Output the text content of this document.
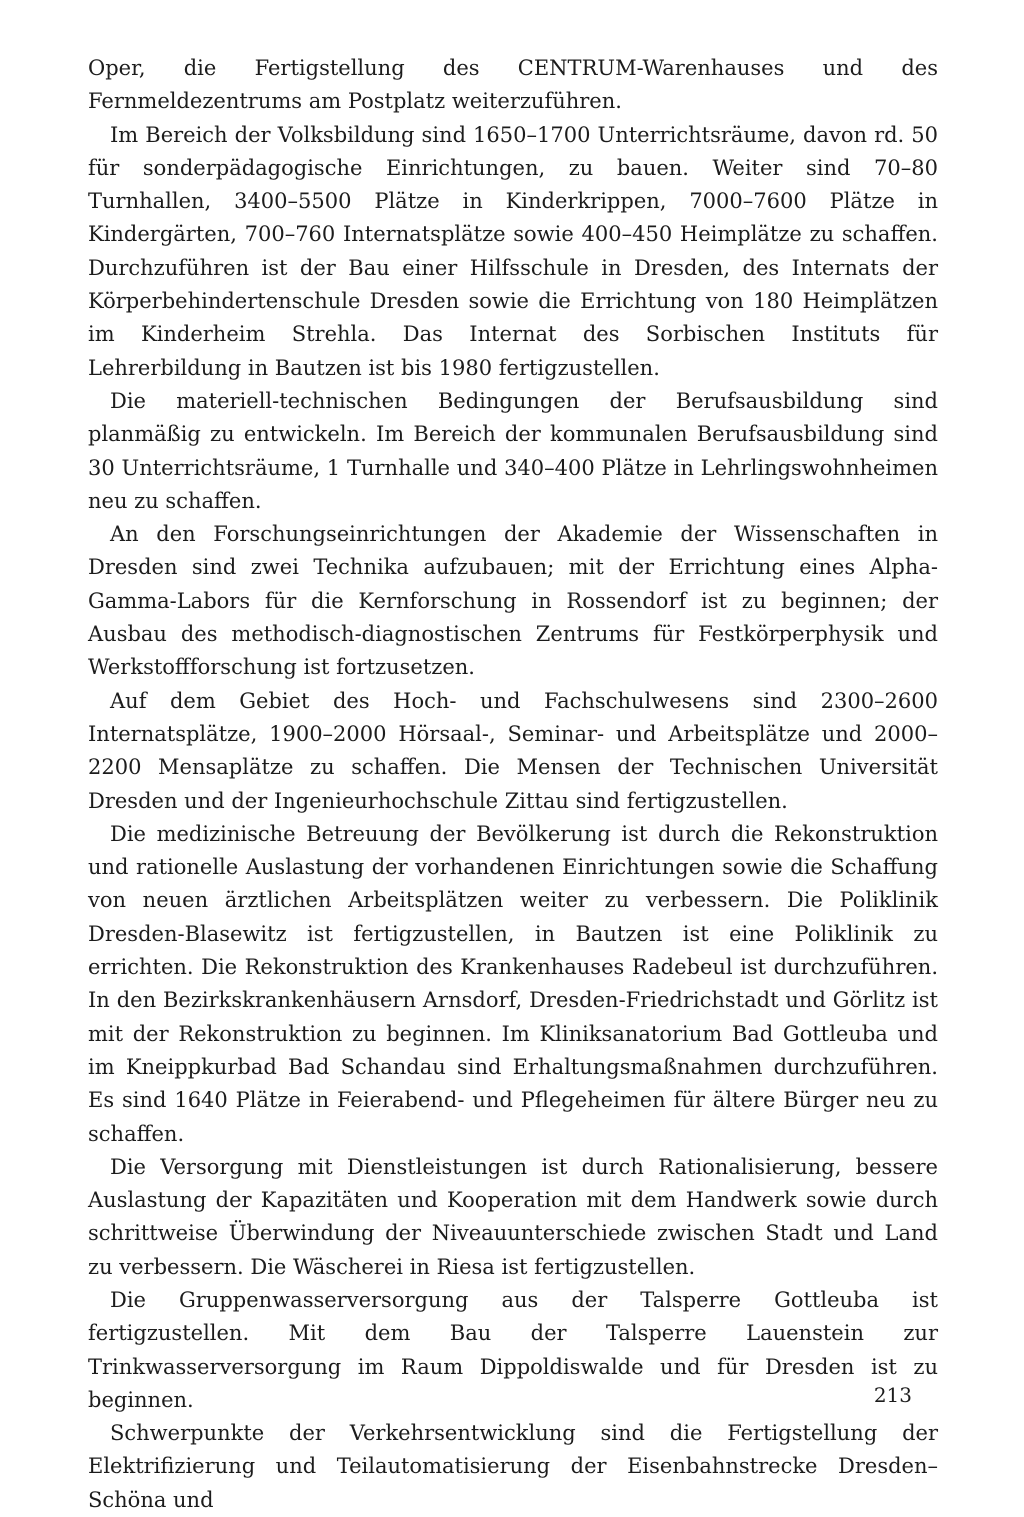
Oper, die Fertigstellung des CENTRUM-Warenhauses und des Fernmeldezentrums am Postplatz weiterzuführen.

Im Bereich der Volksbildung sind 1650–1700 Unterrichtsräume, davon rd. 50 für sonderpädagogische Einrichtungen, zu bauen. Weiter sind 70–80 Turnhallen, 3400–5500 Plätze in Kinderkrippen, 7000–7600 Plätze in Kindergärten, 700–760 Internatsplätze sowie 400–450 Heimplätze zu schaffen. Durchzuführen ist der Bau einer Hilfsschule in Dresden, des Internats der Körperbehindertenschule Dresden sowie die Errichtung von 180 Heimplätzen im Kinderheim Strehla. Das Internat des Sorbischen Instituts für Lehrerbildung in Bautzen ist bis 1980 fertigzustellen.

Die materiell-technischen Bedingungen der Berufsausbildung sind planmäßig zu entwickeln. Im Bereich der kommunalen Berufsausbildung sind 30 Unterrichtsräume, 1 Turnhalle und 340–400 Plätze in Lehrlingswohnheimen neu zu schaffen.

An den Forschungseinrichtungen der Akademie der Wissenschaften in Dresden sind zwei Technika aufzubauen; mit der Errichtung eines Alpha-Gamma-Labors für die Kernforschung in Rossendorf ist zu beginnen; der Ausbau des methodisch-diagnostischen Zentrums für Festkörperphysik und Werkstoffforschung ist fortzusetzen.

Auf dem Gebiet des Hoch- und Fachschulwesens sind 2300–2600 Internatsplätze, 1900–2000 Hörsaal-, Seminar- und Arbeitsplätze und 2000–2200 Mensaplätze zu schaffen. Die Mensen der Technischen Universität Dresden und der Ingenieurhochschule Zittau sind fertigzustellen.

Die medizinische Betreuung der Bevölkerung ist durch die Rekonstruktion und rationelle Auslastung der vorhandenen Einrichtungen sowie die Schaffung von neuen ärztlichen Arbeitsplätzen weiter zu verbessern. Die Poliklinik Dresden-Blasewitz ist fertigzustellen, in Bautzen ist eine Poliklinik zu errichten. Die Rekonstruktion des Krankenhauses Radebeul ist durchzuführen. In den Bezirkskrankenhäusern Arnsdorf, Dresden-Friedrichstadt und Görlitz ist mit der Rekonstruktion zu beginnen. Im Kliniksanatorium Bad Gottleuba und im Kneippkurbad Bad Schandau sind Erhaltungsmaßnahmen durchzuführen. Es sind 1640 Plätze in Feierabend- und Pflegeheimen für ältere Bürger neu zu schaffen.

Die Versorgung mit Dienstleistungen ist durch Rationalisierung, bessere Auslastung der Kapazitäten und Kooperation mit dem Handwerk sowie durch schrittweise Überwindung der Niveauunterschiede zwischen Stadt und Land zu verbessern. Die Wäscherei in Riesa ist fertigzustellen.

Die Gruppenwasserversorgung aus der Talsperre Gottleuba ist fertigzustellen. Mit dem Bau der Talsperre Lauenstein zur Trinkwasserversorgung im Raum Dippoldiswalde und für Dresden ist zu beginnen.

Schwerpunkte der Verkehrsentwicklung sind die Fertigstellung der Elektrifizierung und Teilautomatisierung der Eisenbahnstrecke Dresden–Schöna und

213
